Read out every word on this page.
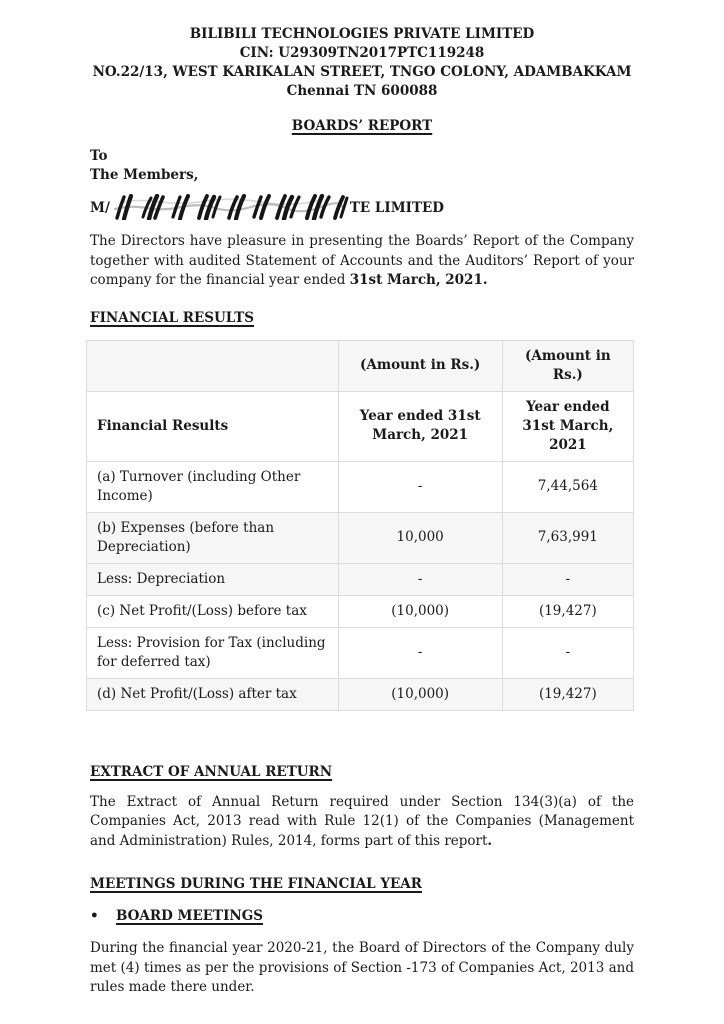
BILIBILI TECHNOLOGIES PRIVATE LIMITED
CIN: U29309TN2017PTC119248
NO.22/13, WEST KARIKALAN STREET, TNGO COLONY, ADAMBAKKAM
Chennai TN 600088
BOARDS’ REPORT
To
The Members,
M/	TE LIMITED

The Directors have pleasure in presenting the Boards’ Report of the Company together with audited Statement of Accounts and the Auditors’ Report of your company for the financial year ended 31st March, 2021.

FINANCIAL RESULTS
	(Amount in Rs.)	(Amount in Rs.)
Financial Results	Year ended 31st March, 2021	Year ended 31st March, 2021
(a) Turnover (including Other Income)	-	7,44,564
(b) Expenses (before than Depreciation)	10,000	7,63,991
Less: Depreciation	-	-
(c) Net Profit/(Loss) before tax	(10,000)	(19,427)
Less: Provision for Tax (including for deferred tax)	-	-
(d) Net Profit/(Loss) after tax	(10,000)	(19,427)
EXTRACT OF ANNUAL RETURN

The Extract of Annual Return required under Section 134(3)(a) of the Companies Act, 2013 read with Rule 12(1) of the Companies (Management and Administration) Rules, 2014, forms part of this report.

MEETINGS DURING THE FINANCIAL YEAR
•	BOARD MEETINGS

During the financial year 2020-21, the Board of Directors of the Company duly met (4) times as per the provisions of Section -173 of Companies Act, 2013 and rules made there under.
